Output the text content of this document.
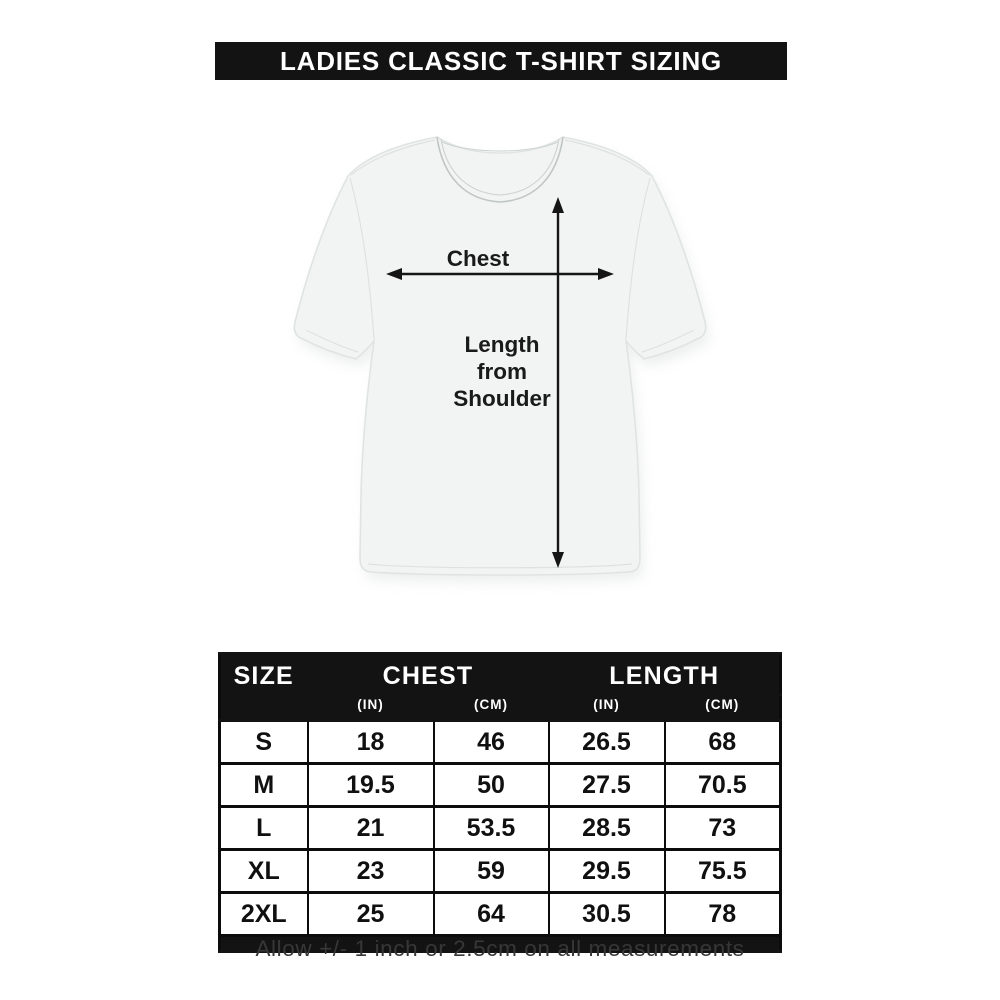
LADIES CLASSIC T-SHIRT SIZING
Chest
Length
from
Shoulder
SIZE	CHEST		LENGTH	
	(IN)	(CM)	(IN)	(CM)
S	18	46	26.5	68
M	19.5	50	27.5	70.5
L	21	53.5	28.5	73
XL	23	59	29.5	75.5
2XL	25	64	30.5	78

Allow +/- 1 inch or 2.5cm on all measurements
